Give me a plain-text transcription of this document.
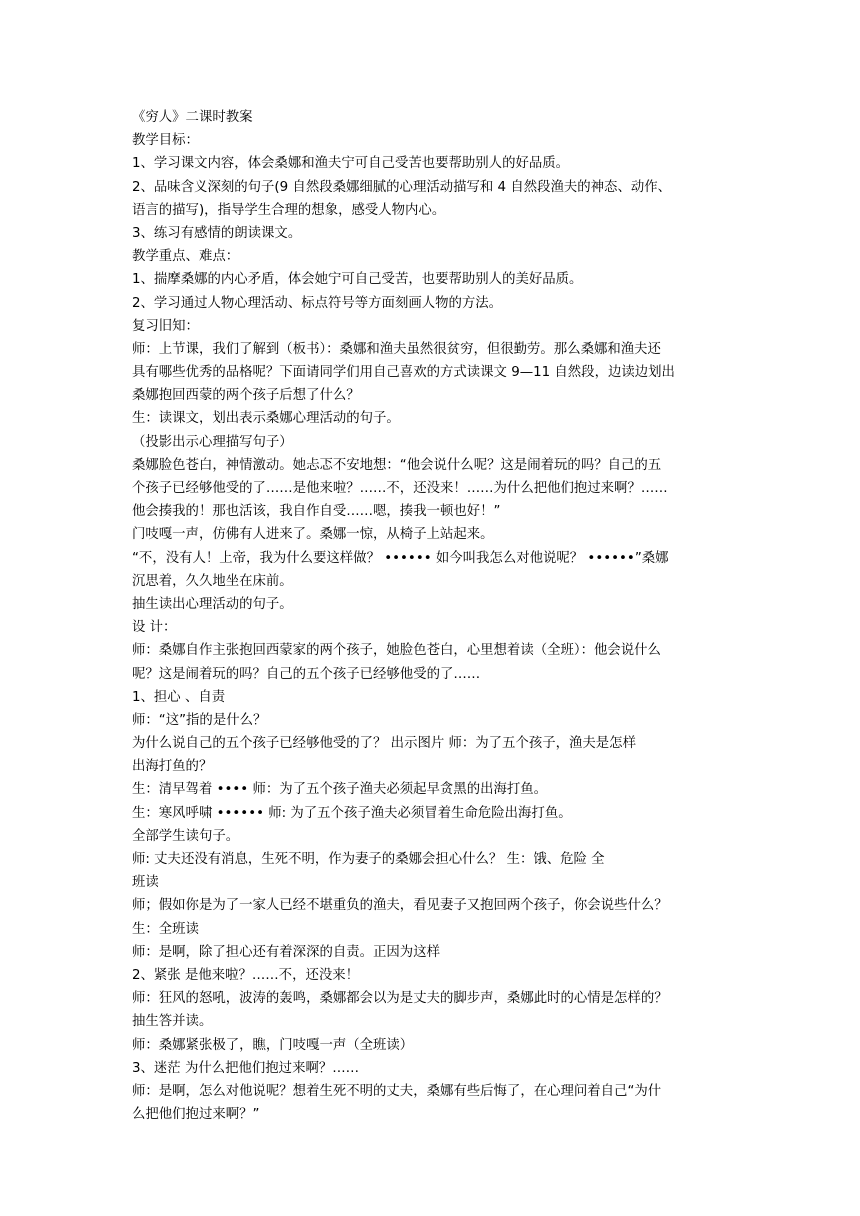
《穷人》二课时教案
教学目标：
1、学习课文内容，体会桑娜和渔夫宁可自己受苦也要帮助别人的好品质。
2、品味含义深刻的句子(9 自然段桑娜细腻的心理活动描写和 4 自然段渔夫的神态、动作、
语言的描写)，指导学生合理的想象，感受人物内心。
3、练习有感情的朗读课文。
教学重点、难点：
1、揣摩桑娜的内心矛盾，体会她宁可自己受苦，也要帮助别人的美好品质。
2、学习通过人物心理活动、标点符号等方面刻画人物的方法。
复习旧知：
师：上节课，我们了解到（板书）：桑娜和渔夫虽然很贫穷，但很勤劳。那么桑娜和渔夫还
具有哪些优秀的品格呢？下面请同学们用自己喜欢的方式读课文 9—11 自然段，边读边划出
桑娜抱回西蒙的两个孩子后想了什么？
生：读课文，划出表示桑娜心理活动的句子。
（投影出示心理描写句子）
桑娜脸色苍白，神情激动。她忐忑不安地想：“他会说什么呢？这是闹着玩的吗？自己的五
个孩子已经够他受的了……是他来啦？……不，还没来！……为什么把他们抱过来啊？……
他会揍我的！那也活该，我自作自受……嗯，揍我一顿也好！”
门吱嘎一声，仿佛有人进来了。桑娜一惊，从椅子上站起来。
“不，没有人！上帝，我为什么要这样做？ •••••• 如今叫我怎么对他说呢？ ••••••”桑娜
沉思着，久久地坐在床前。
抽生读出心理活动的句子。
设 计：
师：桑娜自作主张抱回西蒙家的两个孩子，她脸色苍白，心里想着读（全班）：他会说什么
呢？这是闹着玩的吗？自己的五个孩子已经够他受的了……
1、担心 、自责
师：“这”指的是什么？
为什么说自己的五个孩子已经够他受的了？ 出示图片 师：为了五个孩子，渔夫是怎样
出海打鱼的？
生：清早驾着 •••• 师：为了五个孩子渔夫必须起早贪黑的出海打鱼。
生：寒风呼啸 •••••• 师: 为了五个孩子渔夫必须冒着生命危险出海打鱼。
全部学生读句子。
师: 丈夫还没有消息，生死不明，作为妻子的桑娜会担心什么？ 生：饿、危险 全
班读
师；假如你是为了一家人已经不堪重负的渔夫，看见妻子又抱回两个孩子，你会说些什么？
生：全班读
师：是啊，除了担心还有着深深的自责。正因为这样
2、紧张 是他来啦？……不，还没来！
师：狂风的怒吼，波涛的轰鸣，桑娜都会以为是丈夫的脚步声，桑娜此时的心情是怎样的？
抽生答并读。
师：桑娜紧张极了，瞧，门吱嘎一声（全班读）
3、迷茫 为什么把他们抱过来啊？……
师：是啊，怎么对他说呢？想着生死不明的丈夫，桑娜有些后悔了，在心理问着自己“为什
么把他们抱过来啊？”
